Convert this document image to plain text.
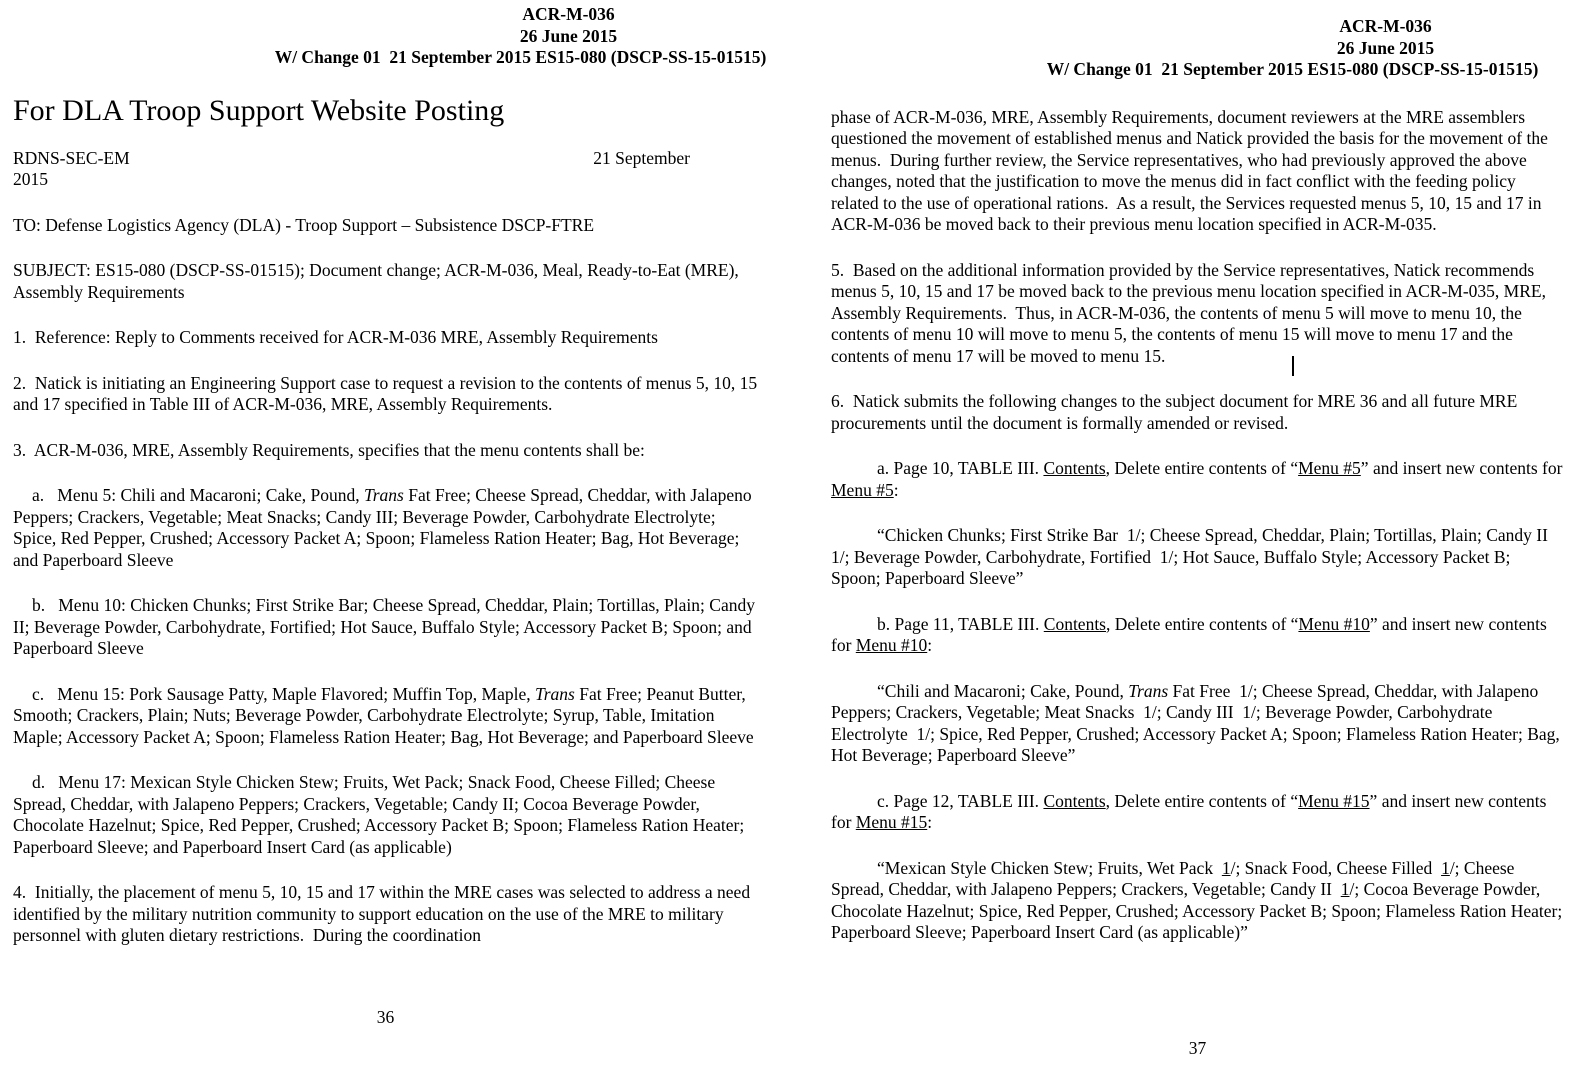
ACR-M-036
26 June 2015
W/ Change 01  21 September 2015 ES15-080 (DSCP-SS-15-01515)
For DLA Troop Support Website Posting
RDNS-SEC-EM	21 September

2015

TO: Defense Logistics Agency (DLA) - Troop Support – Subsistence DSCP-FTRE

SUBJECT: ES15-080 (DSCP-SS-01515); Document change; ACR-M-036, Meal, Ready-to-Eat (MRE), Assembly Requirements

1.  Reference: Reply to Comments received for ACR-M-036 MRE, Assembly Requirements

2.  Natick is initiating an Engineering Support case to request a revision to the contents of menus 5, 10, 15 and 17 specified in Table III of ACR-M-036, MRE, Assembly Requirements.

3.  ACR-M-036, MRE, Assembly Requirements, specifies that the menu contents shall be:

a.   Menu 5: Chili and Macaroni; Cake, Pound, Trans Fat Free; Cheese Spread, Cheddar, with Jalapeno Peppers; Crackers, Vegetable; Meat Snacks; Candy III; Beverage Powder, Carbohydrate Electrolyte; Spice, Red Pepper, Crushed; Accessory Packet A; Spoon; Flameless Ration Heater; Bag, Hot Beverage; and Paperboard Sleeve

b.   Menu 10: Chicken Chunks; First Strike Bar; Cheese Spread, Cheddar, Plain; Tortillas, Plain; Candy II; Beverage Powder, Carbohydrate, Fortified; Hot Sauce, Buffalo Style; Accessory Packet B; Spoon; and Paperboard Sleeve

c.   Menu 15: Pork Sausage Patty, Maple Flavored; Muffin Top, Maple, Trans Fat Free; Peanut Butter, Smooth; Crackers, Plain; Nuts; Beverage Powder, Carbohydrate Electrolyte; Syrup, Table, Imitation Maple; Accessory Packet A; Spoon; Flameless Ration Heater; Bag, Hot Beverage; and Paperboard Sleeve

d.   Menu 17: Mexican Style Chicken Stew; Fruits, Wet Pack; Snack Food, Cheese Filled; Cheese Spread, Cheddar, with Jalapeno Peppers; Crackers, Vegetable; Candy II; Cocoa Beverage Powder, Chocolate Hazelnut; Spice, Red Pepper, Crushed; Accessory Packet B; Spoon; Flameless Ration Heater; Paperboard Sleeve; and Paperboard Insert Card (as applicable)

4.  Initially, the placement of menu 5, 10, 15 and 17 within the MRE cases was selected to address a need identified by the military nutrition community to support education on the use of the MRE to military personnel with gluten dietary restrictions.  During the coordination

36
ACR-M-036
26 June 2015
W/ Change 01  21 September 2015 ES15-080 (DSCP-SS-15-01515)

phase of ACR-M-036, MRE, Assembly Requirements, document reviewers at the MRE assemblers questioned the movement of established menus and Natick provided the basis for the movement of the menus.  During further review, the Service representatives, who had previously approved the above changes, noted that the justification to move the menus did in fact conflict with the feeding policy related to the use of operational rations.  As a result, the Services requested menus 5, 10, 15 and 17 in ACR-M-036 be moved back to their previous menu location specified in ACR-M-035.

5.  Based on the additional information provided by the Service representatives, Natick recommends menus 5, 10, 15 and 17 be moved back to the previous menu location specified in ACR-M-035, MRE, Assembly Requirements.  Thus, in ACR-M-036, the contents of menu 5 will move to menu 10, the contents of menu 10 will move to menu 5, the contents of menu 15 will move to menu 17 and the contents of menu 17 will be moved to menu 15.

6.  Natick submits the following changes to the subject document for MRE 36 and all future MRE procurements until the document is formally amended or revised.

a. Page 10, TABLE III. Contents, Delete entire contents of “Menu #5” and insert new contents for Menu #5:

“Chicken Chunks; First Strike Bar  1/; Cheese Spread, Cheddar, Plain; Tortillas, Plain; Candy II  1/; Beverage Powder, Carbohydrate, Fortified  1/; Hot Sauce, Buffalo Style; Accessory Packet B; Spoon; Paperboard Sleeve”

b. Page 11, TABLE III. Contents, Delete entire contents of “Menu #10” and insert new contents for Menu #10:

“Chili and Macaroni; Cake, Pound, Trans Fat Free  1/; Cheese Spread, Cheddar, with Jalapeno Peppers; Crackers, Vegetable; Meat Snacks  1/; Candy III  1/; Beverage Powder, Carbohydrate Electrolyte  1/; Spice, Red Pepper, Crushed; Accessory Packet A; Spoon; Flameless Ration Heater; Bag, Hot Beverage; Paperboard Sleeve”

c. Page 12, TABLE III. Contents, Delete entire contents of “Menu #15” and insert new contents for Menu #15:

“Mexican Style Chicken Stew; Fruits, Wet Pack  1/; Snack Food, Cheese Filled  1/; Cheese Spread, Cheddar, with Jalapeno Peppers; Crackers, Vegetable; Candy II  1/; Cocoa Beverage Powder, Chocolate Hazelnut; Spice, Red Pepper, Crushed; Accessory Packet B; Spoon; Flameless Ration Heater; Paperboard Sleeve; Paperboard Insert Card (as applicable)”

37
